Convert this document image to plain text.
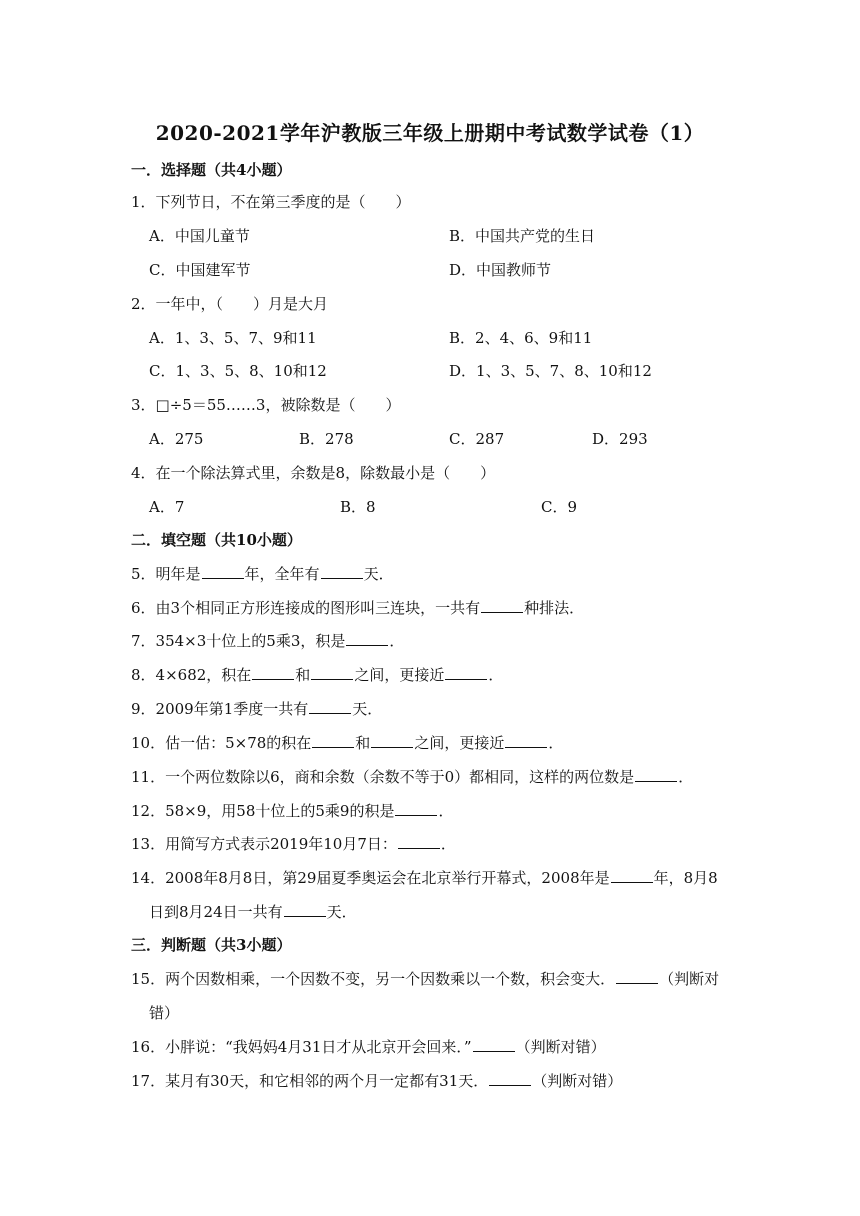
2020-2021学年沪教版三年级上册期中考试数学试卷（1）
一．选择题（共4小题）
1．下列节日，不在第三季度的是（　　）
A．中国儿童节	B．中国共产党的生日
C．中国建军节	D．中国教师节
2．一年中，（　　）月是大月
A．1、3、5、7、9和11	B．2、4、6、9和11
C．1、3、5、8、10和12	D．1、3、5、7、8、10和12
3．□÷5＝55……3，被除数是（　　）
A．275	B．278	C．287	D．293
4．在一个除法算式里，余数是8，除数最小是（　　）
A．7	B．8	C．9
二．填空题（共10小题）
5．明年是	年，全年有	天．
6．由3个相同正方形连接成的图形叫三连块，一共有	种排法．
7．354×3十位上的5乘3，积是	．
8．4×682，积在	和	之间，更接近	．
9．2009年第1季度一共有	天．
10．估一估：5×78的积在	和	之间，更接近	．
11．一个两位数除以6，商和余数（余数不等于0）都相同，这样的两位数是	．
12．58×9，用58十位上的5乘9的积是	．
13．用简写方式表示2019年10月7日：	．
14．2008年8月8日，第29届夏季奥运会在北京举行开幕式，2008年是	年，8月8
日到8月24日一共有	天．
三．判断题（共3小题）
15．两个因数相乘，一个因数不变，另一个因数乘以一个数，积会变大．	（判断对
错）
16．小胖说：“我妈妈4月31日才从北京开会回来．”	（判断对错）
17．某月有30天，和它相邻的两个月一定都有31天．	（判断对错）
